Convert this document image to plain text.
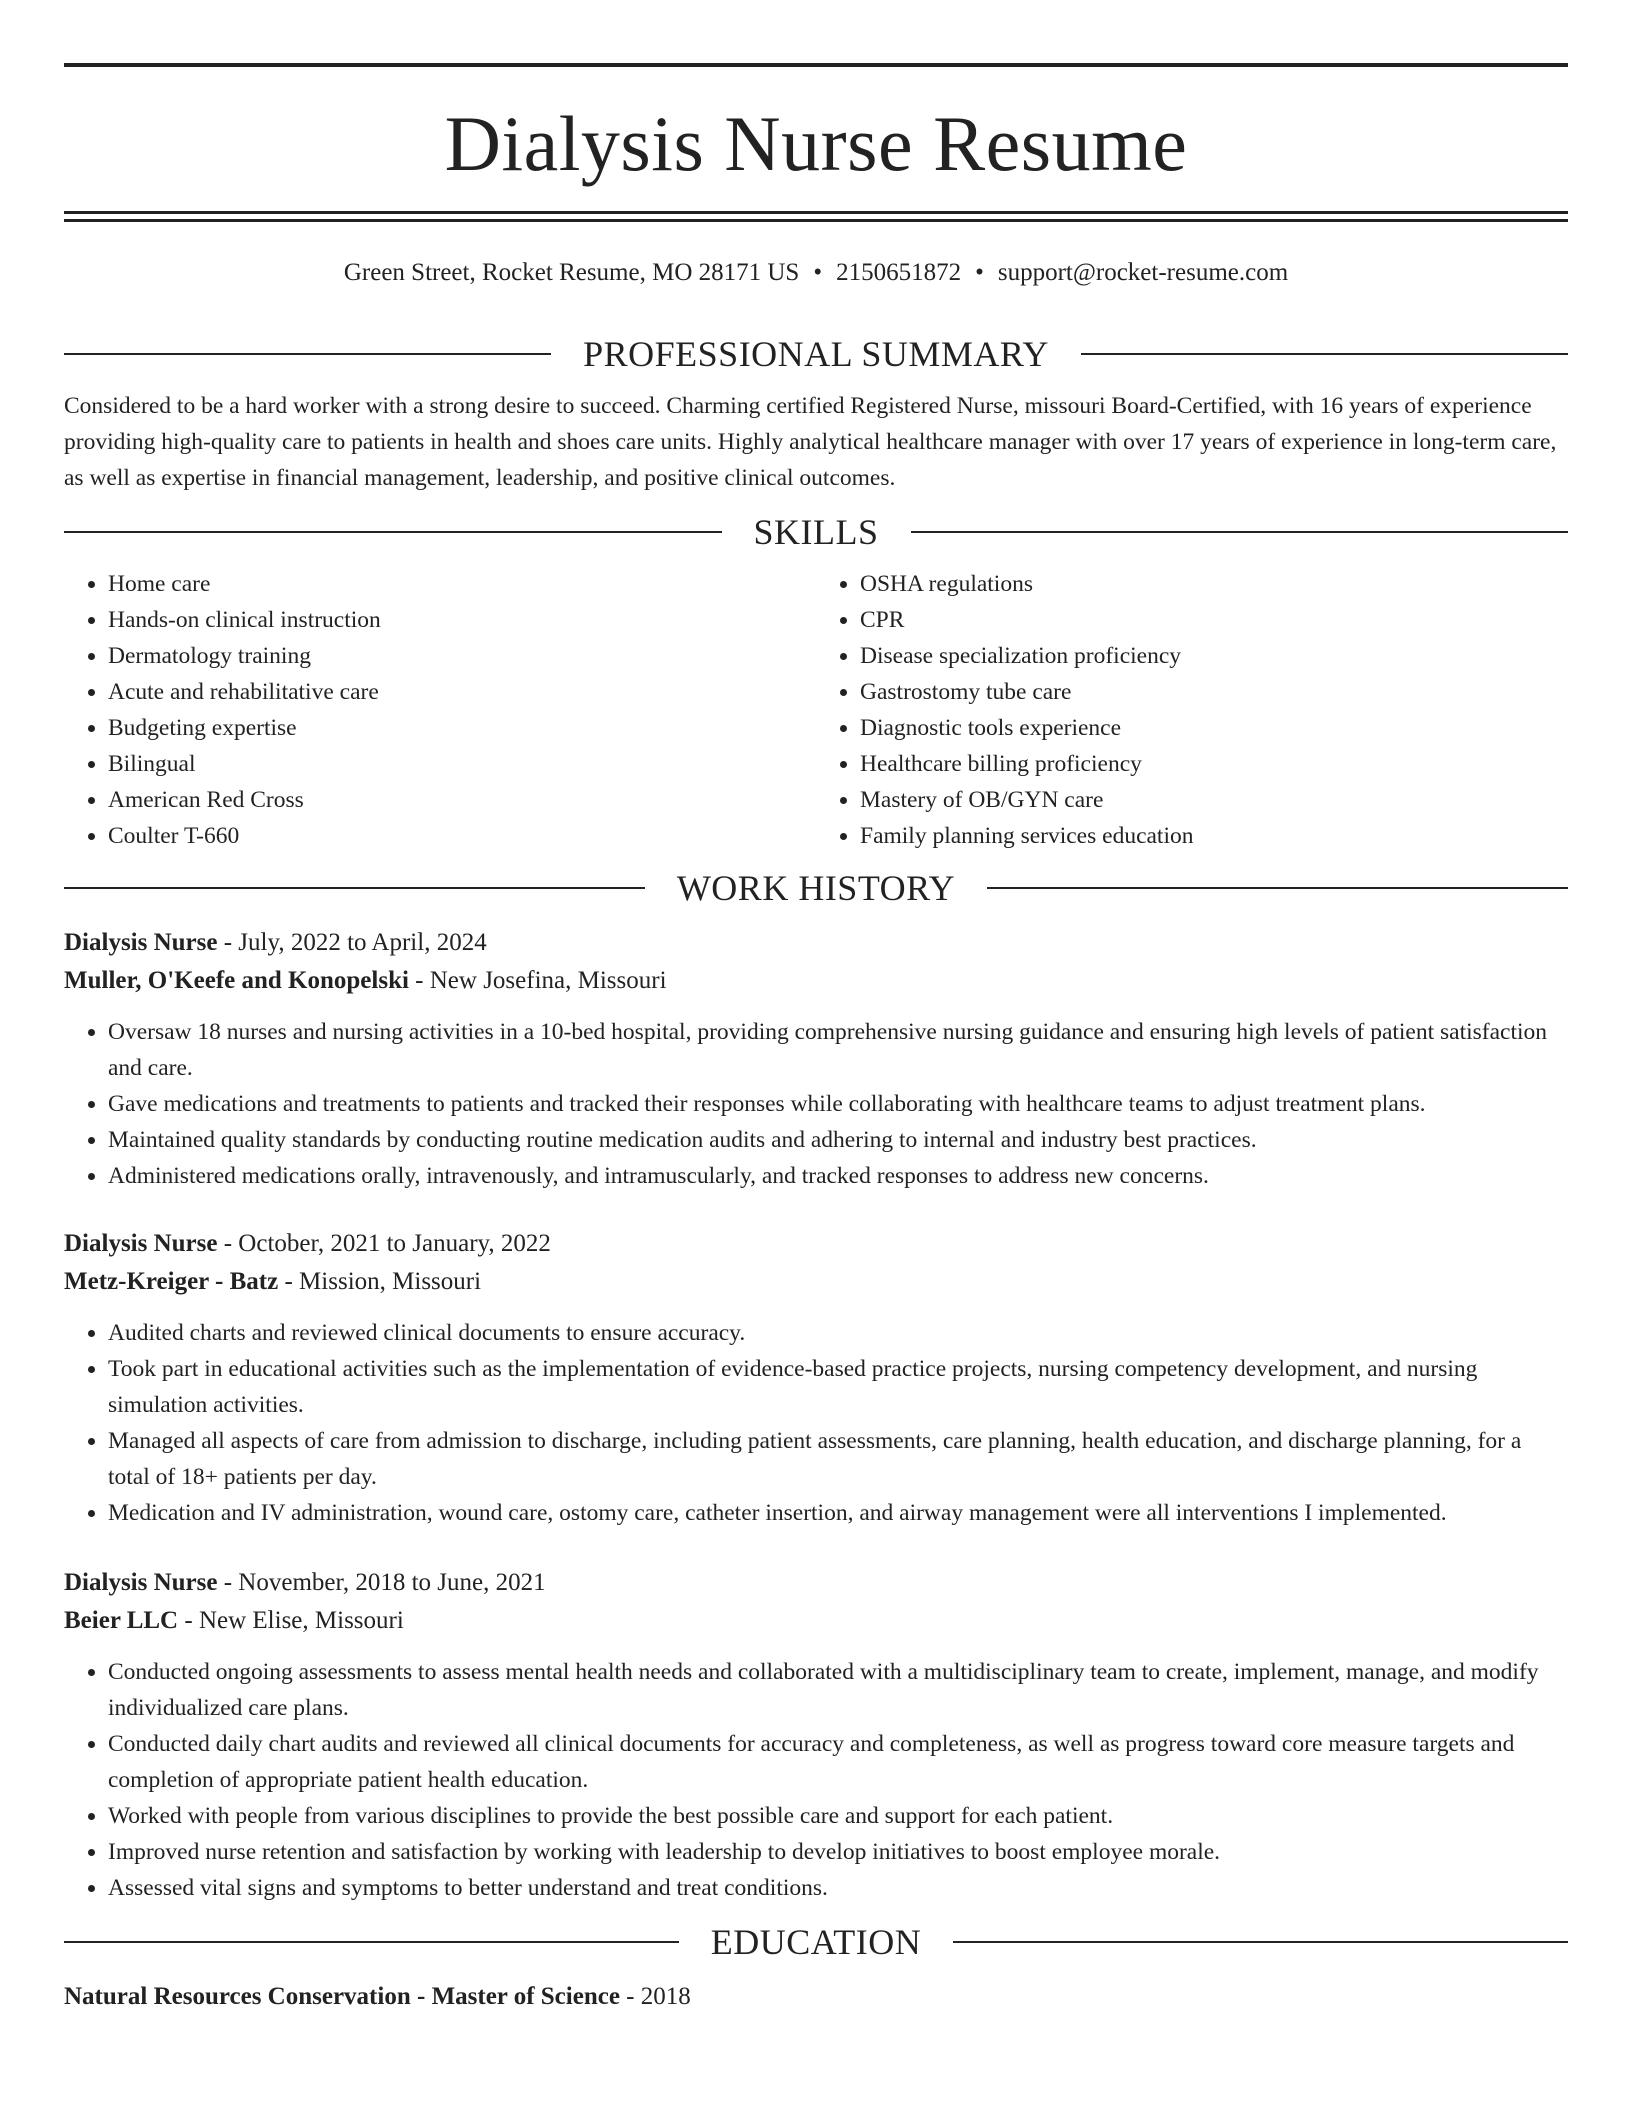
Dialysis Nurse Resume
Green Street, Rocket Resume, MO 28171 US • 2150651872 • support@rocket-resume.com
PROFESSIONAL SUMMARY

Considered to be a hard worker with a strong desire to succeed. Charming certified Registered Nurse, missouri Board-Certified, with 16 years of experience providing high-quality care to patients in health and shoes care units. Highly analytical healthcare manager with over 17 years of experience in long-term care, as well as expertise in financial management, leadership, and positive clinical outcomes.

SKILLS
• Home care
• Hands-on clinical instruction
• Dermatology training
• Acute and rehabilitative care
• Budgeting expertise
• Bilingual
• American Red Cross
• Coulter T-660
• OSHA regulations
• CPR
• Disease specialization proficiency
• Gastrostomy tube care
• Diagnostic tools experience
• Healthcare billing proficiency
• Mastery of OB/GYN care
• Family planning services education
WORK HISTORY
Dialysis Nurse - July, 2022 to April, 2024
Muller, O'Keefe and Konopelski - New Josefina, Missouri
• Oversaw 18 nurses and nursing activities in a 10-bed hospital, providing comprehensive nursing guidance and ensuring high levels of patient satisfaction and care.
• Gave medications and treatments to patients and tracked their responses while collaborating with healthcare teams to adjust treatment plans.
• Maintained quality standards by conducting routine medication audits and adhering to internal and industry best practices.
• Administered medications orally, intravenously, and intramuscularly, and tracked responses to address new concerns.
Dialysis Nurse - October, 2021 to January, 2022
Metz-Kreiger - Batz - Mission, Missouri
• Audited charts and reviewed clinical documents to ensure accuracy.
• Took part in educational activities such as the implementation of evidence-based practice projects, nursing competency development, and nursing simulation activities.
• Managed all aspects of care from admission to discharge, including patient assessments, care planning, health education, and discharge planning, for a total of 18+ patients per day.
• Medication and IV administration, wound care, ostomy care, catheter insertion, and airway management were all interventions I implemented.
Dialysis Nurse - November, 2018 to June, 2021
Beier LLC - New Elise, Missouri
• Conducted ongoing assessments to assess mental health needs and collaborated with a multidisciplinary team to create, implement, manage, and modify individualized care plans.
• Conducted daily chart audits and reviewed all clinical documents for accuracy and completeness, as well as progress toward core measure targets and completion of appropriate patient health education.
• Worked with people from various disciplines to provide the best possible care and support for each patient.
• Improved nurse retention and satisfaction by working with leadership to develop initiatives to boost employee morale.
• Assessed vital signs and symptoms to better understand and treat conditions.
EDUCATION
Natural Resources Conservation - Master of Science - 2018
